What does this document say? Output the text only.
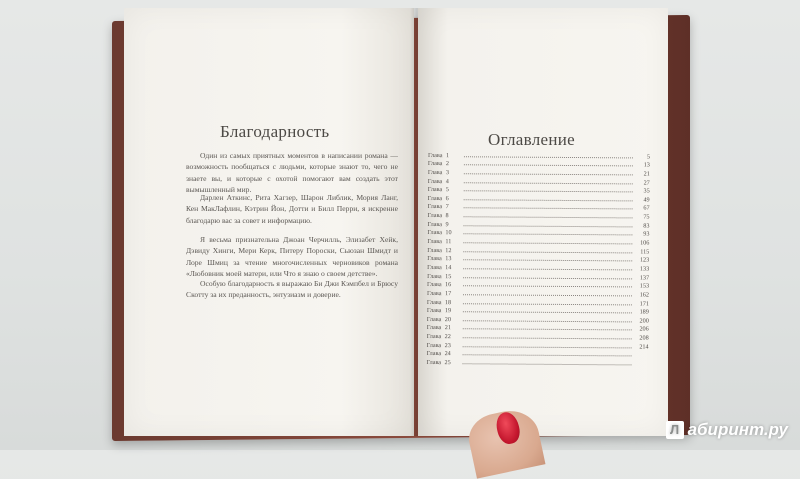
Благодарность

Один из самых приятных моментов в написании романа — возможность пообщаться с людьми, которые знают то, чего не знаете вы, и которые с охотой помогают вам создать этот вымышленный мир.

Дарлен Аткинс, Рита Хагзер, Шарон Либлик, Мория Ланг, Кен МакЛафлин, Кэтрин Йон, Дотти и Билл Перри, я искренне благодарю вас за совет и информацию.

Я весьма признательна Джоан Черчилль, Элизабет Хейк, Дэвиду Хинги, Мери Керк, Питеру Пороски, Сьюзан Шмидт и Лоре Шмиц за чтение многочисленных черновиков романа «Любовник моей матери, или Что я знаю о своем детстве».

Особую благодарность я выражаю Би Джи Кэмпбел и Брюсу Скотту за их преданность, энтузиазм и доверие.

Оглавление
Глава 1	5
Глава 2	13
Глава 3	21
Глава 4	27
Глава 5	35
Глава 6	49
Глава 7	67
Глава 8	75
Глава 9	83
Глава 10	93
Глава 11	106
Глава 12	115
Глава 13	123
Глава 14	133
Глава 15	137
Глава 16	153
Глава 17	162
Глава 18	171
Глава 19	189
Глава 20	200
Глава 21	206
Глава 22	208
Глава 23	214
Глава 24
Глава 25
Л абиринт.ру
